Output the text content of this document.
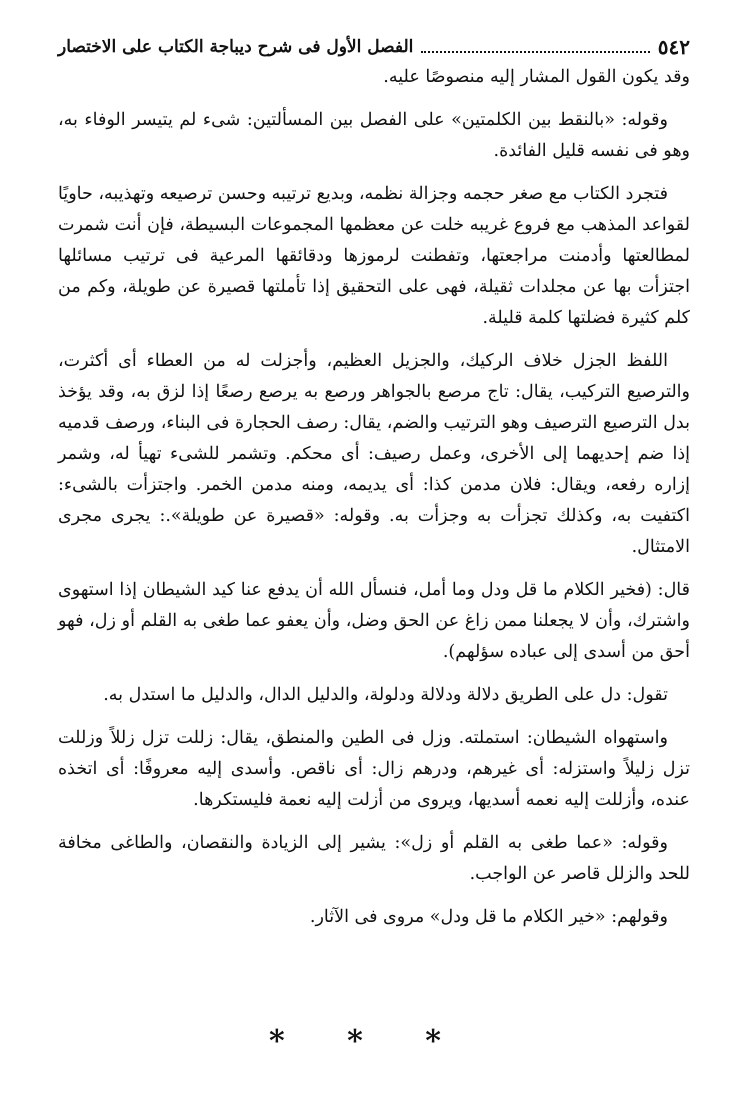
٥٤٢
الفصل الأول فى شرح ديباجة الكتاب على الاختصار

وقد يكون القول المشار إليه منصوصًا عليه.

وقوله: «بالنقط بين الكلمتين» على الفصل بين المسألتين: شىء لم يتيسر الوفاء به، وهو فى نفسه قليل الفائدة.

فتجرد الكتاب مع صغر حجمه وجزالة نظمه، وبديع ترتيبه وحسن ترصيعه وتهذيبه، حاويًا لقواعد المذهب مع فروع غريبه خلت عن معظمها المجموعات البسيطة، فإن أنت شمرت لمطالعتها وأدمنت مراجعتها، وتفطنت لرموزها ودقائقها المرعية فى ترتيب مسائلها اجتزأت بها عن مجلدات ثقيلة، فهى على التحقيق إذا تأملتها قصيرة عن طويلة، وكم من كلم كثيرة فضلتها كلمة قليلة.

اللفظ الجزل خلاف الركيك، والجزيل العظيم، وأجزلت له من العطاء أى أكثرت، والترصيع التركيب، يقال: تاج مرصع بالجواهر ورصع به يرصع رصعًا إذا لزق به، وقد يؤخذ بدل الترصيع الترصيف وهو الترتيب والضم، يقال: رصف الحجارة فى البناء، ورصف قدميه إذا ضم إحديهما إلى الأخرى، وعمل رصيف: أى محكم. وتشمر للشىء تهيأ له، وشمر إزاره رفعه، ويقال: فلان مدمن كذا: أى يديمه، ومنه مدمن الخمر. واجتزأت بالشىء: اكتفيت به، وكذلك تجزأت به وجزأت به. وقوله: «قصيرة عن طويلة».: يجرى مجرى الامتثال.

قال: (فخير الكلام ما قل ودل وما أمل، فنسأل الله أن يدفع عنا كيد الشيطان إذا استهوى واشترك، وأن لا يجعلنا ممن زاغ عن الحق وضل، وأن يعفو عما طغى به القلم أو زل، فهو أحق من أسدى إلى عباده سؤلهم).

تقول: دل على الطريق دلالة ودلالة ودلولة، والدليل الدال، والدليل ما استدل به.

واستهواه الشيطان: استملته. وزل فى الطين والمنطق، يقال: زللت تزل زللاً وزللت تزل زليلاً واستزله: أى غيرهم، ودرهم زال: أى ناقص. وأسدى إليه معروفًا: أى اتخذه عنده، وأزللت إليه نعمه أسديها، ويروى من أزلت إليه نعمة فليستكرها.

وقوله: «عما طغى به القلم أو زل»: يشير إلى الزيادة والنقصان، والطاغى مخافة للحد والزلل قاصر عن الواجب.

وقولهم: «خير الكلام ما قل ودل» مروى فى الآثار.

* * *
